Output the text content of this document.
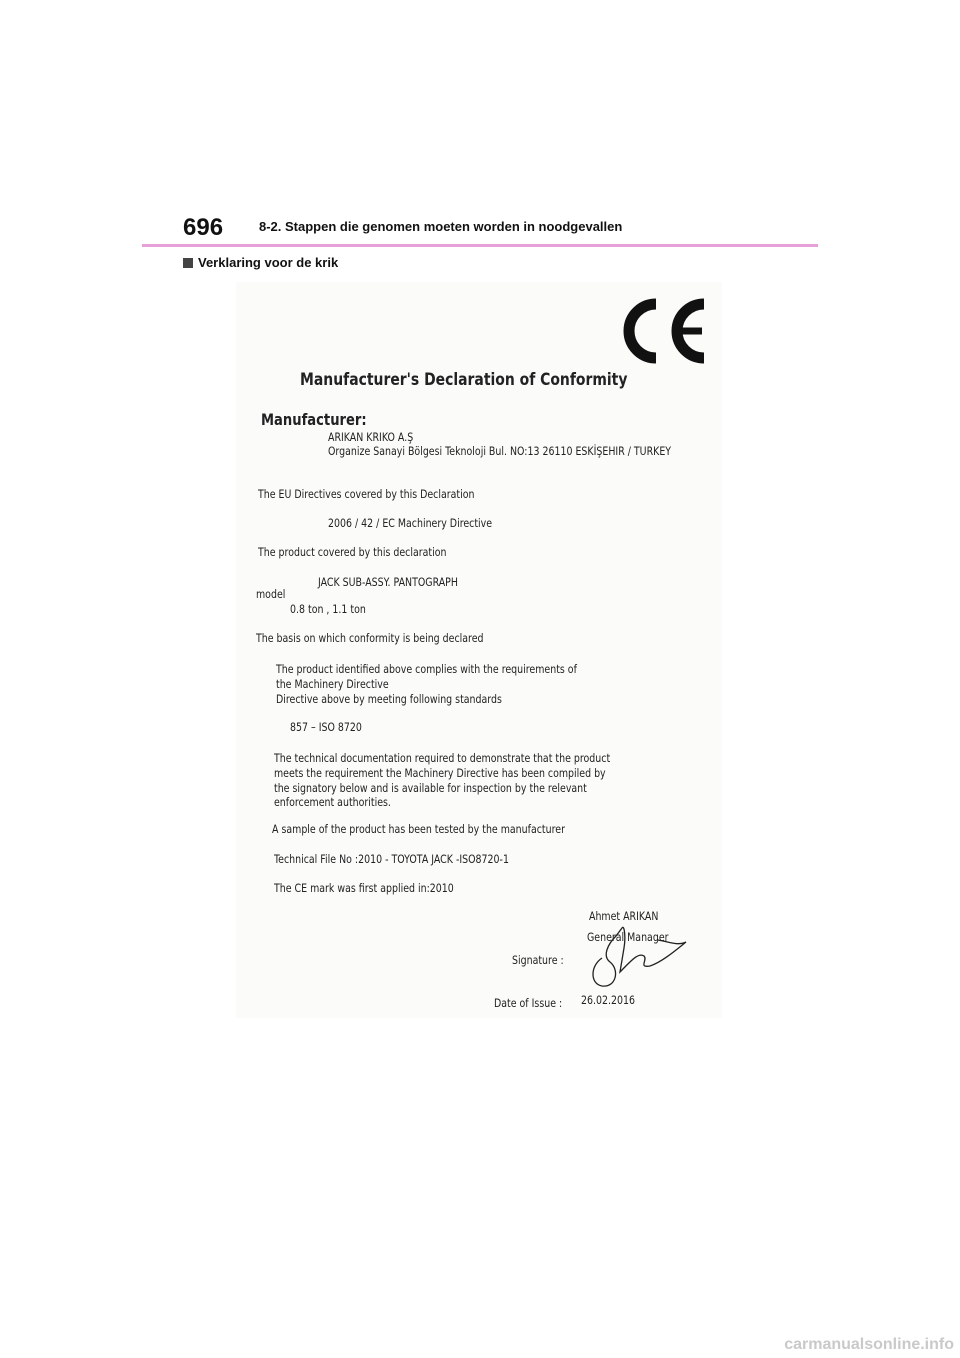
696	8-2. Stappen die genomen moeten worden in noodgevallen
Verklaring voor de krik
Manufacturer's Declaration of Conformity
Manufacturer:
ARIKAN KRIKO A.Ş
Organize Sanayi Bölgesi Teknoloji Bul. NO:13 26110 ESKİŞEHIR / TURKEY
The EU Directives covered by this Declaration
2006 / 42 / EC Machinery Directive
The product covered by this declaration
JACK SUB-ASSY. PANTOGRAPH
model
0.8 ton , 1.1 ton
The basis on which conformity is being declared
The product identified above complies with the requirements of
the Machinery Directive
Directive above by meeting following standards
857 – ISO 8720
The technical documentation required to demonstrate that the product
meets the requirement the Machinery Directive has been compiled by
the signatory below and is available for inspection by the relevant
enforcement authorities.
A sample of the product has been tested by the manufacturer
Technical File No :2010 - TOYOTA JACK -ISO8720-1
The CE mark was first applied in:2010
Ahmet ARIKAN
General Manager
Signature :
Date of Issue : 26.02.2016
carmanualsonline.info
